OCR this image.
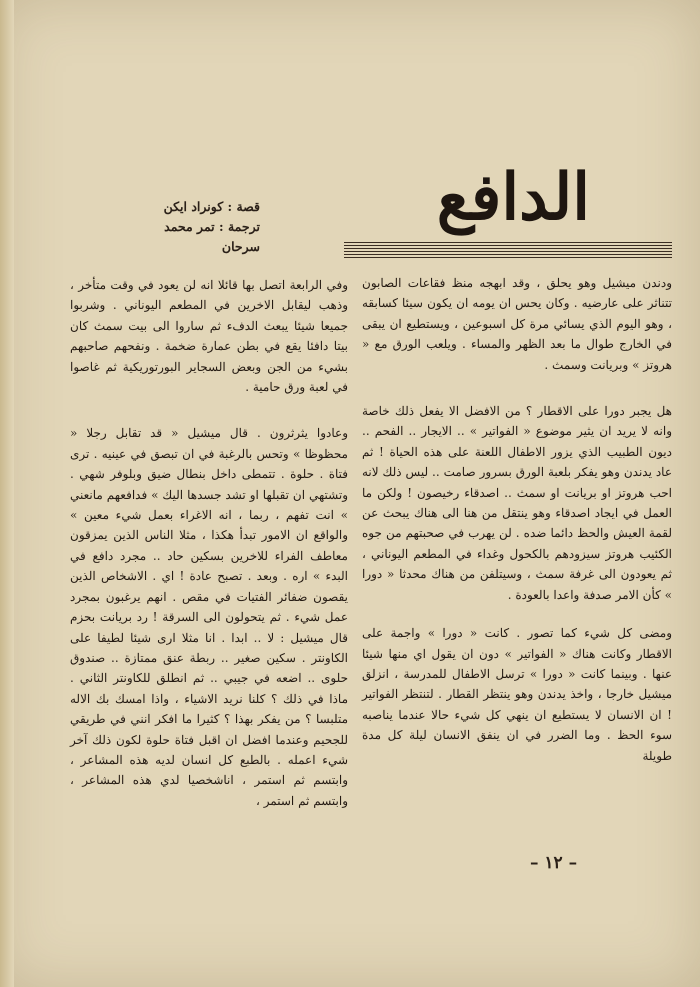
الدافع
قصة : كونراد ايكن
ترجمة : تمر محمد سرحان

ودندن ميشيل وهو يحلق ، وقد ابهجه منظ فقاعات الصابون تتناثر على عارضيه . وكان يحس ان يومه ان يكون سيئا كسابقه ، وهو اليوم الذي يسائي مرة كل اسبوعين ، ويستطيع ان يبقى في الخارج طوال ما بعد الظهر والمساء . ويلعب الورق مع « هروتز » وبريانت وسمث .

هل يجبر دورا على الاقطار ؟ من الافضل الا يفعل ذلك خاصة وانه لا يريد ان يثير موضوع « الفواتير » .. الايجار .. الفحم .. ديون الطبيب الذي يزور الاطفال اللعنة على هذه الحياة ! ثم عاد يدندن وهو يفكر بلعبة الورق بسرور صامت .. ليس ذلك لانه احب هروتز او بريانت او سمث .. اصدقاء رخيصون ! ولكن ما العمل في ايجاد اصدقاء وهو ينتقل من هنا الى هناك يبحث عن لقمة العيش والحظ دائما ضده . لن يهرب في صحبتهم من جوه الكئيب هروتز سيزودهم بالكحول وغداء في المطعم اليوناني ، ثم يعودون الى غرفة سمث ، وسيتلفن من هناك محدثا « دورا » كأن الامر صدفة واعدا بالعودة .

ومضى كل شيء كما تصور . كانت « دورا » واجمة على الاقطار وكانت هناك « الفواتير » دون ان يقول اي منها شيئا عنها . وبينما كانت « دورا » ترسل الاطفال للمدرسة ، انزلق ميشيل خارجا ، واخذ يدندن وهو ينتظر القطار . لتنتظر الفواتير ! ان الانسان لا يستطيع ان ينهي كل شيء حالا عندما يناصبه سوء الحظ . وما الضرر في ان ينفق الانسان ليلة كل مدة طويلة

وفي الرابعة اتصل بها قائلا انه لن يعود في وقت متأخر ، وذهب ليقابل الاخرين في المطعم اليوناني . وشربوا جميعا شيئا يبعث الدفء ثم ساروا الى بيت سمث كان بيتا دافئا يقع في بطن عمارة ضخمة . ونفحهم صاحبهم بشيء من الجن وبعض السجاير البورتوريكية ثم غاصوا في لعبة ورق حامية .

وعادوا يثرثرون . قال ميشيل « قد تقابل رجلا « محظوظا » وتحس بالرغبة في ان تبصق في عينيه . ترى فتاة . حلوة . تتمطى داخل بنطال ضيق وبلوفر شهي . وتشتهي ان تقبلها او تشد جسدها اليك » فدافعهم مانعني » انت تفهم ، ربما ، انه الاغراء بعمل شيء معين » والواقع ان الامور تبدأ هكذا ، مثلا الناس الذين يمزقون معاطف الفراء للاخرين بسكين حاد .. مجرد دافع في البدء » اره . وبعد . تصبح عادة ! اي . الاشخاص الذين يقصون ضفائر الفتيات في مقص . انهم يرغبون بمجرد عمل شيء . ثم يتحولون الى السرقة ! رد بريانت بحزم قال ميشيل : لا .. ابدا . انا مثلا ارى شيئا لطيفا على الكاونتر . سكين صغير .. ربطة عنق ممتازة .. صندوق حلوى .. اضعه في جيبي .. ثم انطلق للكاونتر الثاني . ماذا في ذلك ؟ كلنا نريد الاشياء ، واذا امسك بك الاله متلبسا ؟ من يفكر بهذا ؟ كثيرا ما افكر انني في طريقي للجحيم وعندما افضل ان اقبل فتاة حلوة لكون ذلك آخر شيء اعمله . بالطبع كل انسان لديه هذه المشاعر ، وابتسم ثم استمر ، اناشخصيا لدي هذه المشاعر ، وابتسم ثم استمر ،

– ١٢ –
